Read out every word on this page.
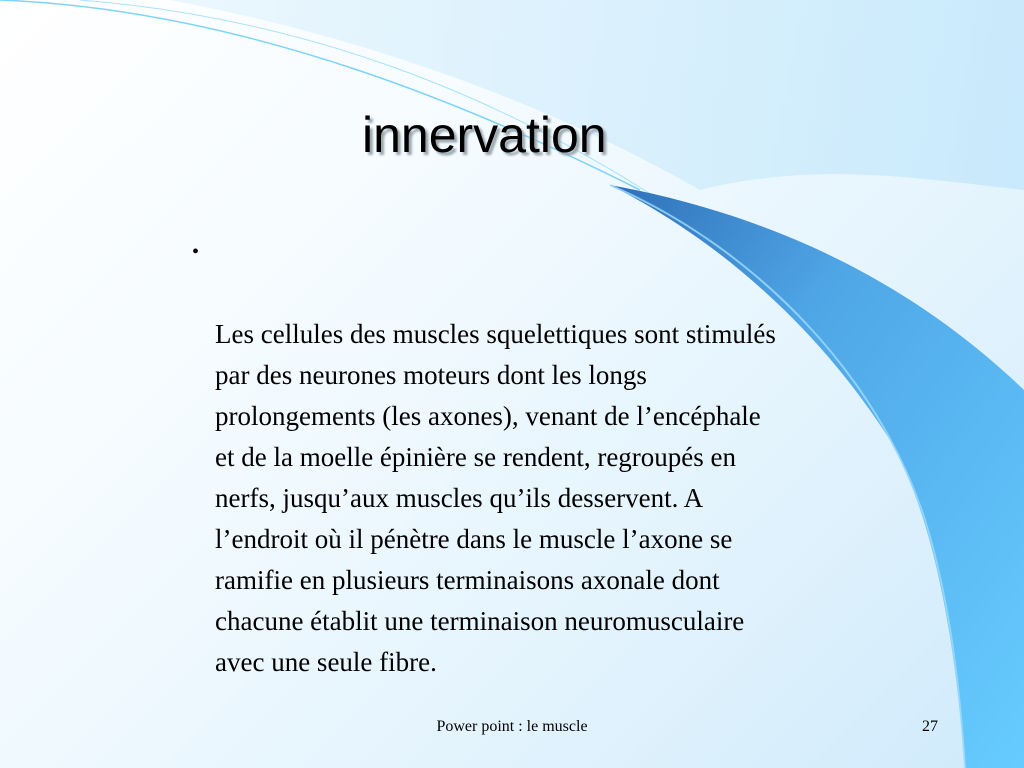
innervation

•

Les cellules des muscles squelettiques sont stimulés
par des neurones moteurs dont les longs
prolongements (les axones), venant de l’encéphale
et de la moelle épinière se rendent, regroupés en
nerfs, jusqu’aux muscles qu’ils desservent. A
l’endroit où il pénètre dans le muscle l’axone se
ramifie en plusieurs terminaisons axonale dont
chacune établit une terminaison neuromusculaire
avec une seule fibre.

Power point : le muscle	27
